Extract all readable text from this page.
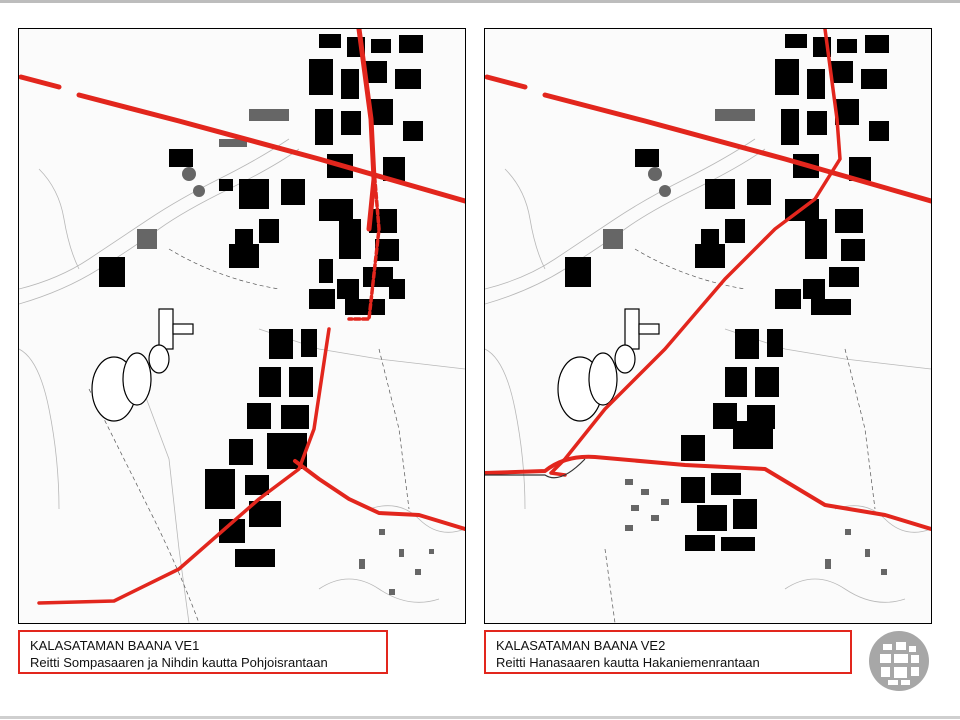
KALASATAMAN BAANA VE1
Reitti Sompasaaren ja Nihdin kautta Pohjoisrantaan
KALASATAMAN BAANA VE2
Reitti Hanasaaren kautta Hakaniemenrantaan
